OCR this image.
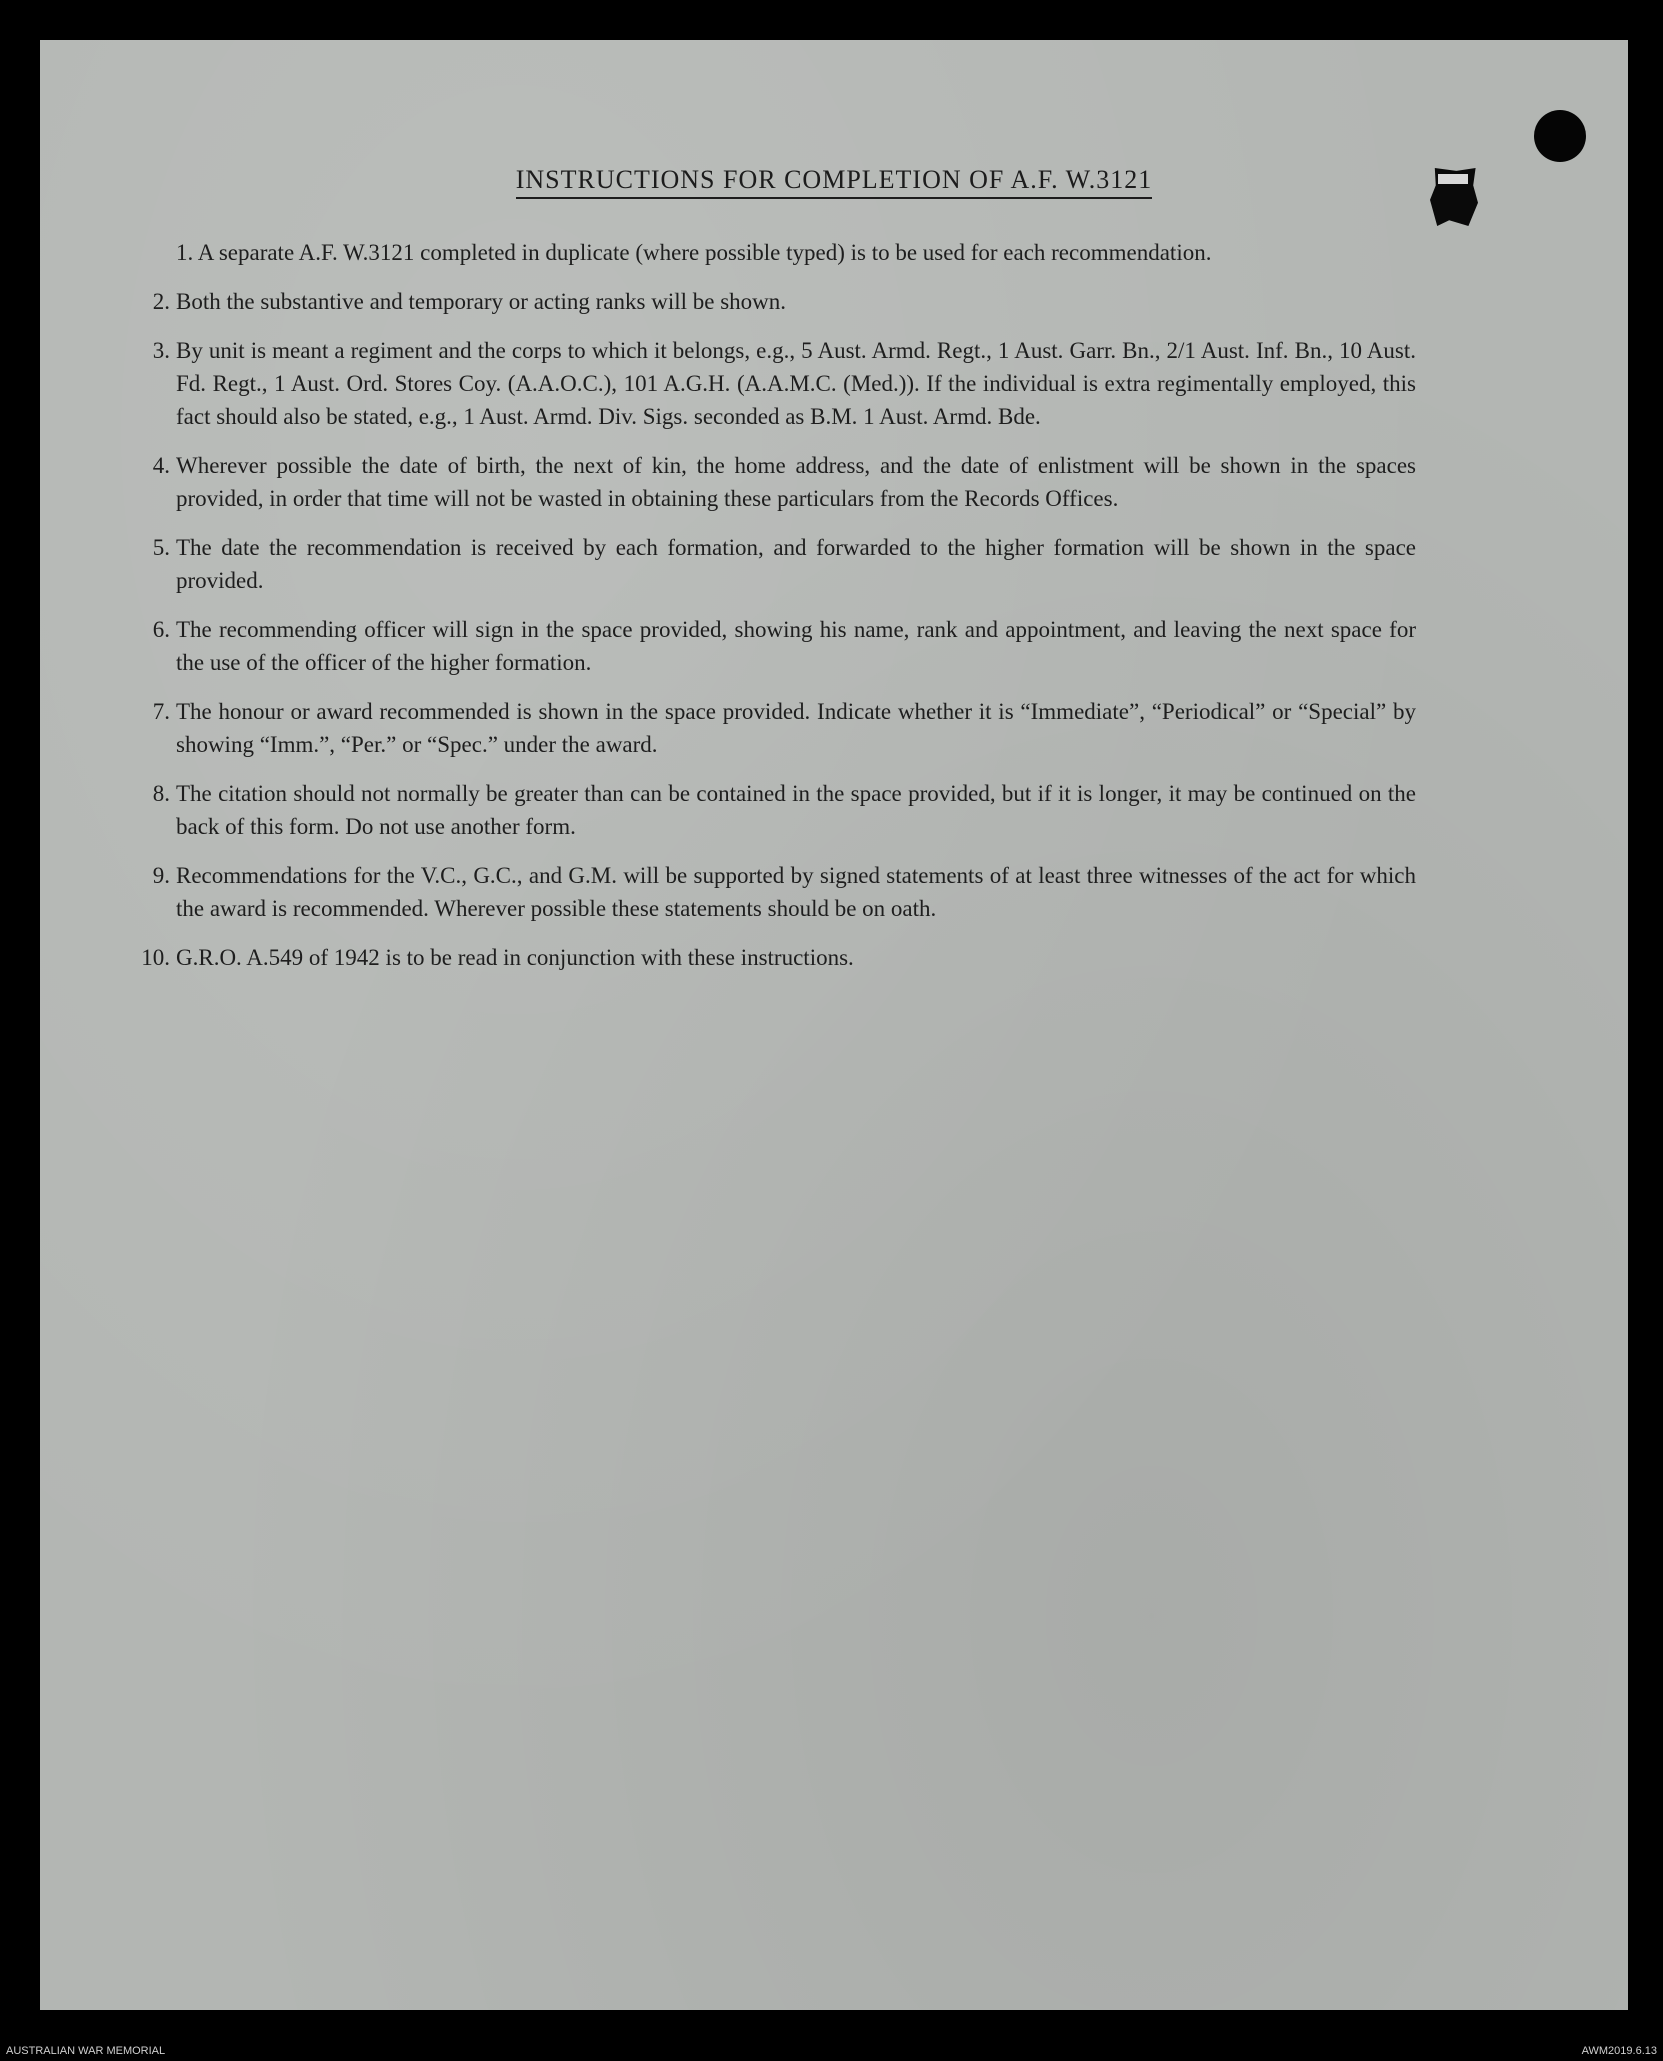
INSTRUCTIONS FOR COMPLETION OF A.F. W.3121
1. A separate A.F. W.3121 completed in duplicate (where possible typed) is to be used for each recommendation.
2. Both the substantive and temporary or acting ranks will be shown.
3. By unit is meant a regiment and the corps to which it belongs, e.g., 5 Aust. Armd. Regt., 1 Aust. Garr. Bn., 2/1 Aust. Inf. Bn., 10 Aust. Fd. Regt., 1 Aust. Ord. Stores Coy. (A.A.O.C.), 101 A.G.H. (A.A.M.C. (Med.)). If the individual is extra regimentally employed, this fact should also be stated, e.g., 1 Aust. Armd. Div. Sigs. seconded as B.M. 1 Aust. Armd. Bde.
4. Wherever possible the date of birth, the next of kin, the home address, and the date of enlistment will be shown in the spaces provided, in order that time will not be wasted in obtaining these particulars from the Records Offices.
5. The date the recommendation is received by each formation, and forwarded to the higher formation will be shown in the space provided.
6. The recommending officer will sign in the space provided, showing his name, rank and appointment, and leaving the next space for the use of the officer of the higher formation.
7. The honour or award recommended is shown in the space provided. Indicate whether it is “Immediate”, “Periodical” or “Special” by showing “Imm.”, “Per.” or “Spec.” under the award.
8. The citation should not normally be greater than can be contained in the space provided, but if it is longer, it may be continued on the back of this form. Do not use another form.
9. Recommendations for the V.C., G.C., and G.M. will be supported by signed statements of at least three witnesses of the act for which the award is recommended. Wherever possible these statements should be on oath.
10. G.R.O. A.549 of 1942 is to be read in conjunction with these instructions.
AUSTRALIAN WAR MEMORIAL	AWM2019.6.13
